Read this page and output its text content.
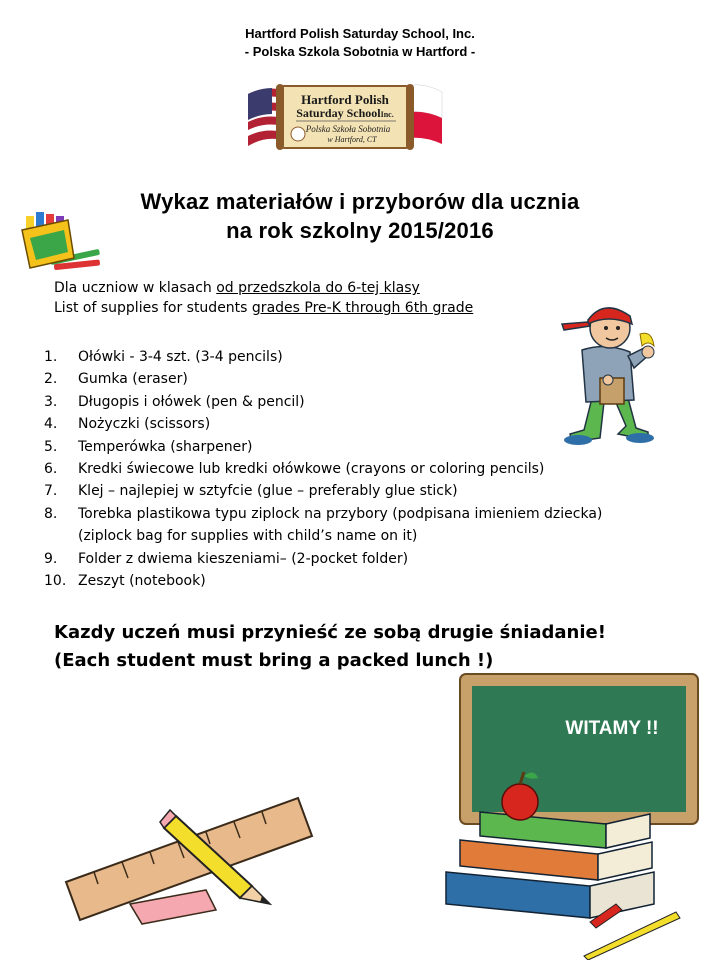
Hartford Polish Saturday School, Inc.
- Polska Szkola Sobotnia w Hartford -
Hartford Polish
Saturday SchoolInc.
Polska Szkoła Sobotnia
w Hartford, CT
Wykaz materiałów i przyborów dla ucznia
na rok szkolny 2015/2016
Dla uczniow w klasach od przedszkola do 6-tej klasy
List of supplies for students grades Pre-K through 6th grade
1. Ołówki - 3-4 szt. (3-4 pencils)
2. Gumka (eraser)
3. Długopis i ołówek (pen & pencil)
4. Nożyczki (scissors)
5. Temperówka (sharpener)
6. Kredki świecowe lub kredki ołówkowe (crayons or coloring pencils)
7. Klej – najlepiej w sztyfcie (glue – preferably glue stick)
8. Torebka plastikowa typu ziplock na przybory (podpisana imieniem dziecka)
(ziplock bag for supplies with child’s name on it)
9. Folder z dwiema kieszeniami– (2-pocket folder)
10. Zeszyt (notebook)
Kazdy uczeń musi przynieść ze sobą drugie śniadanie!
(Each student must bring a packed lunch !)
WITAMY !!
